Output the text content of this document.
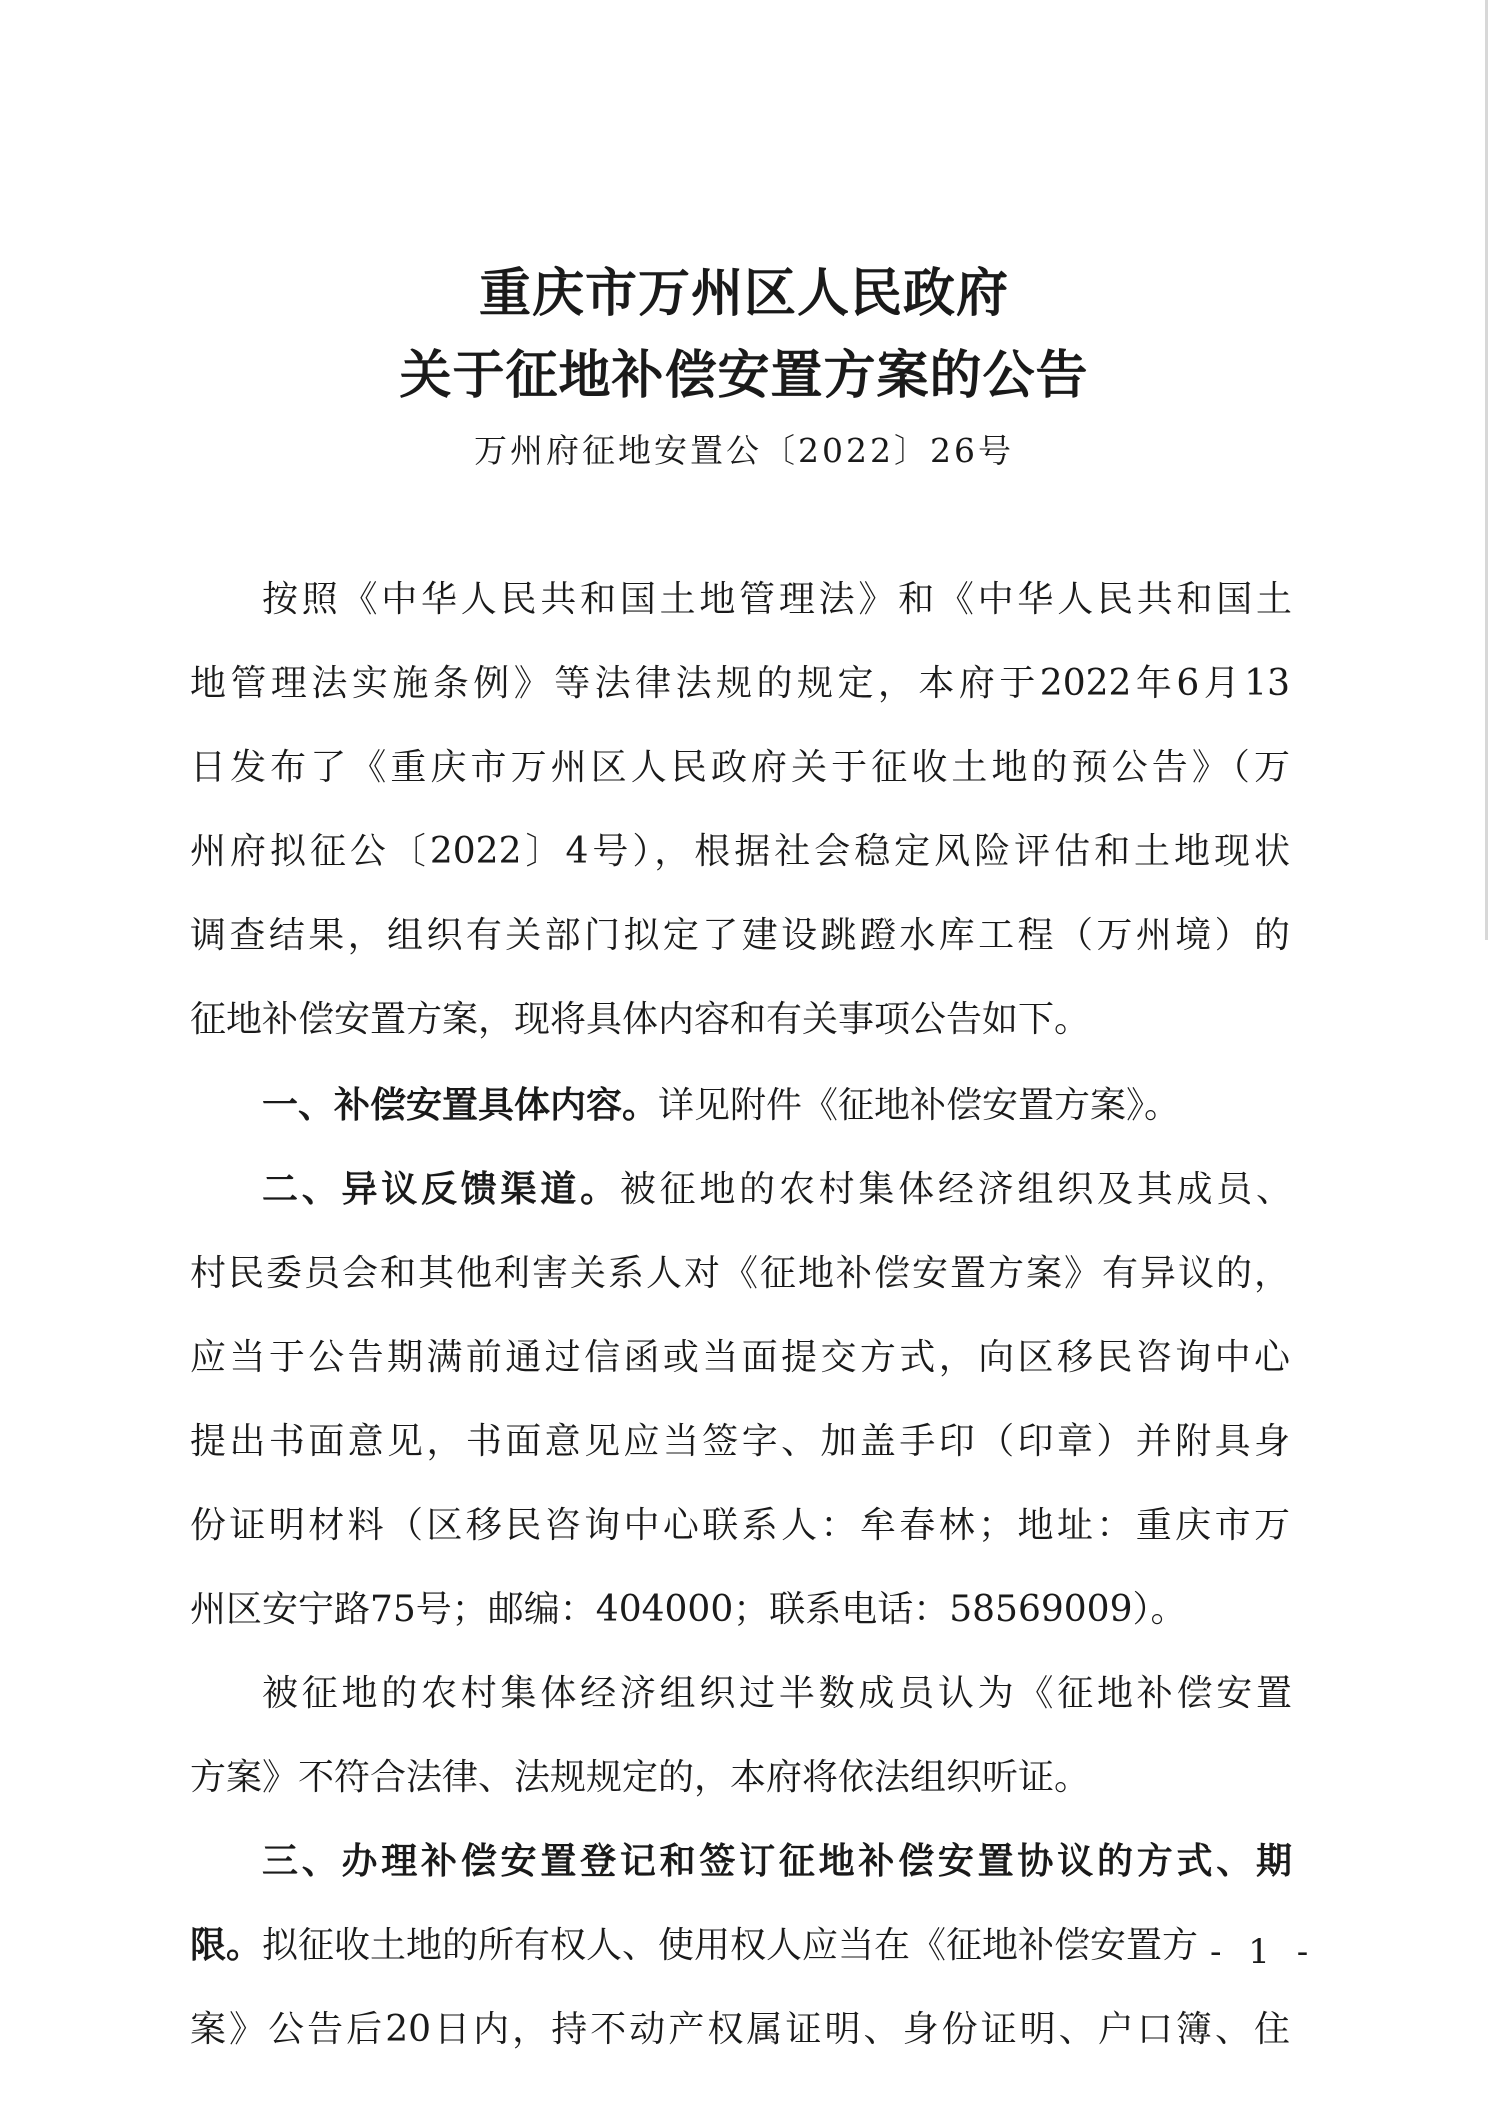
重庆市万州区人民政府
关于征地补偿安置方案的公告
万州府征地安置公〔2022〕26号
按照《中华人民共和国土地管理法》和《中华人民共和国土
地管理法实施条例》等法律法规的规定，本府于2022年6月13
日发布了《重庆市万州区人民政府关于征收土地的预公告》（万
州府拟征公〔2022〕4号），根据社会稳定风险评估和土地现状
调查结果，组织有关部门拟定了建设跳蹬水库工程（万州境）的
征地补偿安置方案，现将具体内容和有关事项公告如下。
一、补偿安置具体内容。详见附件《征地补偿安置方案》。
二、异议反馈渠道。被征地的农村集体经济组织及其成员、
村民委员会和其他利害关系人对《征地补偿安置方案》有异议的，
应当于公告期满前通过信函或当面提交方式，向区移民咨询中心
提出书面意见，书面意见应当签字、加盖手印（印章）并附具身
份证明材料（区移民咨询中心联系人：牟春林；地址：重庆市万
州区安宁路75号；邮编：404000；联系电话：58569009）。
被征地的农村集体经济组织过半数成员认为《征地补偿安置
方案》不符合法律、法规规定的，本府将依法组织听证。
三、办理补偿安置登记和签订征地补偿安置协议的方式、期
限。拟征收土地的所有权人、使用权人应当在《征地补偿安置方
案》公告后20日内，持不动产权属证明、身份证明、户口簿、住
- 1 -
